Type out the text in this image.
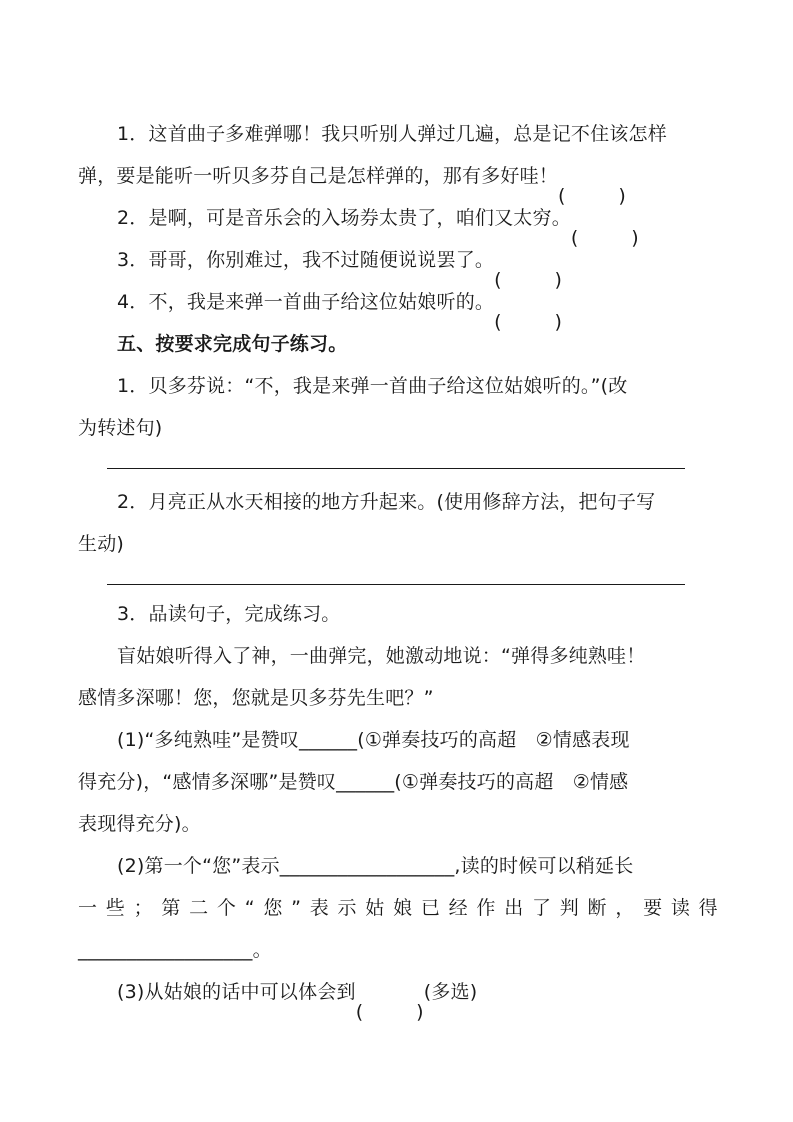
1．这首曲子多难弹哪！我只听别人弹过几遍，总是记不住该怎样
弹，要是能听一听贝多芬自己是怎样弹的，那有多好哇！
(	)
2．是啊，可是音乐会的入场券太贵了，咱们又太穷。
(	)
3．哥哥，你别难过，我不过随便说说罢了。
(	)
4．不，我是来弹一首曲子给这位姑娘听的。
(	)
五、按要求完成句子练习。
1．贝多芬说：“不，我是来弹一首曲子给这位姑娘听的。”(改
为转述句)
2．月亮正从水天相接的地方升起来。(使用修辞方法，把句子写
生动)
3．品读句子，完成练习。
盲姑娘听得入了神，一曲弹完，她激动地说：“弹得多纯熟哇！
感情多深哪！您，您就是贝多芬先生吧？”
(1)“多纯熟哇”是赞叹______(①弹奏技巧的高超　②情感表现
得充分)，“感情多深哪”是赞叹______(①弹奏技巧的高超　②情感
表现得充分)。
(2)第一个“您”表示__________________,读的时候可以稍延长
一 些 ； 第 二 个 “ 您 ” 表 示 姑 娘 已 经 作 出 了 判 断 ， 要 读 得
__________________。
(3)从姑娘的话中可以体会到
(	)
(多选)
